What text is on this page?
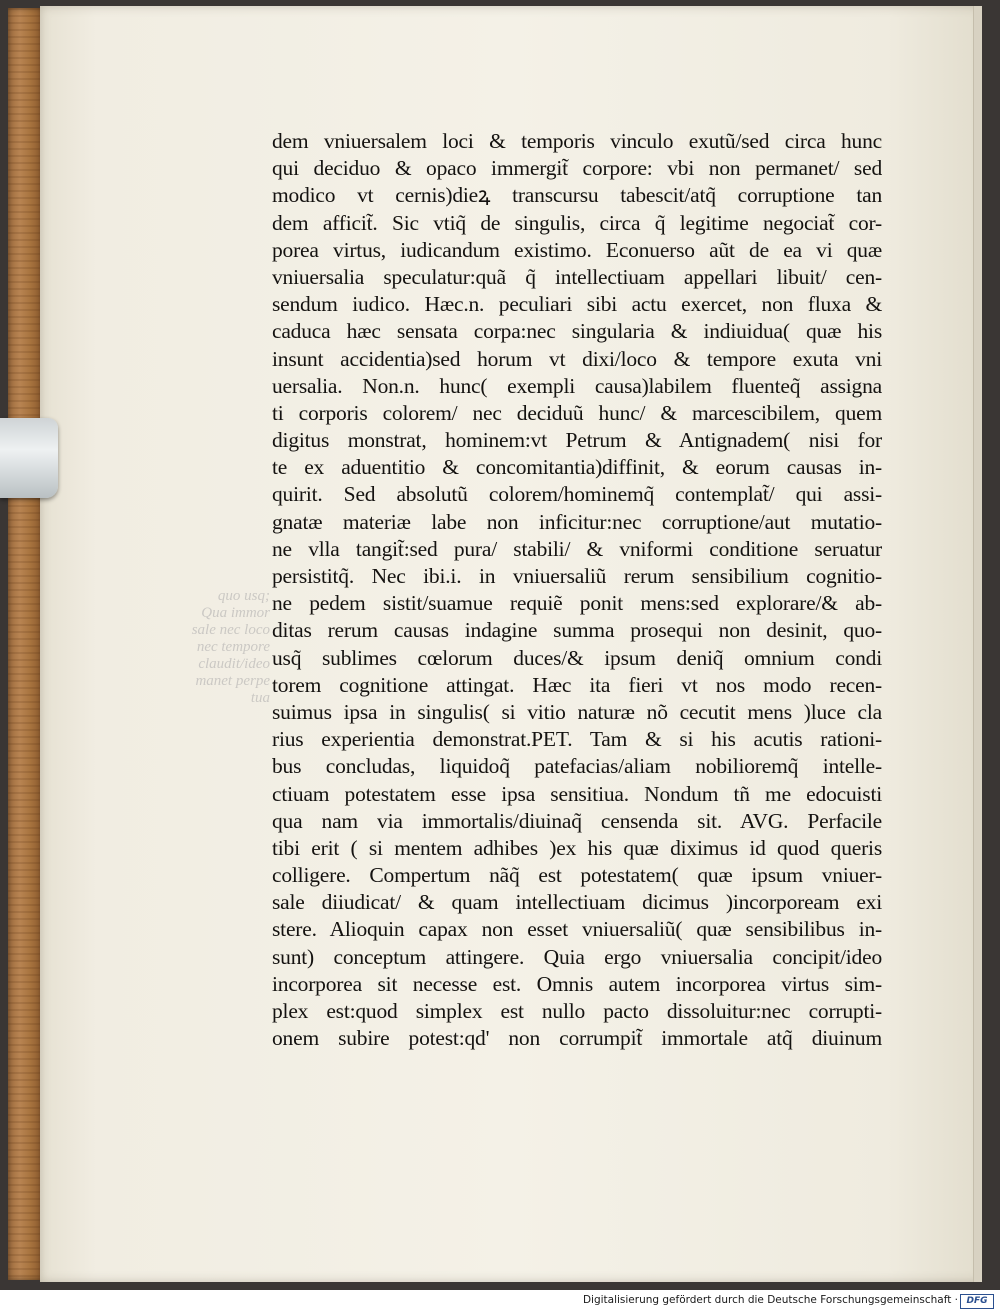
quo usq;
Qua immor
sale nec loco
nec tempore
claudit/ideo
manet perpe
tua
dem vniuersalem loci & temporis vinculo exutũ/sed circa hunc
qui deciduo & opaco immergit̃ corpore: vbi non permanet/ sed
modico vt cernis)dieꝝ transcursu tabescit/atq̃ corruptione tan
dem afficit̃. Sic vtiq̃ de singulis, circa q̃ legitime negociat̃ cor-
porea virtus, iudicandum existimo. Econuerso aũt de ea vi quæ
vniuersalia speculatur:quã q̃ intellectiuam appellari libuit/ cen-
sendum iudico. Hæc.n. peculiari sibi actu exercet, non fluxa &
caduca hæc sensata corpa:nec singularia & indiuidua( quæ his
insunt accidentia)sed horum vt dixi/loco & tempore exuta vni
uersalia. Non.n. hunc( exempli causa)labilem fluenteq̃ assigna
ti corporis colorem/ nec deciduũ hunc/ & marcescibilem, quem
digitus monstrat, hominem:vt Petrum & Antignadem( nisi for
te ex aduentitio & concomitantia)diffinit, & eorum causas in-
quirit. Sed absolutũ colorem/hominemq̃ contemplat̃/ qui assi-
gnatæ materiæ labe non inficitur:nec corruptione/aut mutatio-
ne vlla tangit̃:sed pura/ stabili/ & vniformi conditione seruatur
persistitq̃. Nec ibi.i. in vniuersaliũ rerum sensibilium cognitio-
ne pedem sistit/suamue requiẽ ponit mens:sed explorare/& ab-
ditas rerum causas indagine summa prosequi non desinit, quo-
usq̃ sublimes cœlorum duces/& ipsum deniq̃ omnium condi
torem cognitione attingat. Hæc ita fieri vt nos modo recen-
suimus ipsa in singulis( si vitio naturæ nõ cecutit mens )luce cla
rius experientia demonstrat.PET. Tam & si his acutis rationi-
bus concludas, liquidoq̃ patefacias/aliam nobilioremq̃ intelle-
ctiuam potestatem esse ipsa sensitiua. Nondum tñ me edocuisti
qua nam via immortalis/diuinaq̃ censenda sit. AVG. Perfacile
tibi erit ( si mentem adhibes )ex his quæ diximus id quod queris
colligere. Compertum nãq̃ est potestatem( quæ ipsum vniuer-
sale diiudicat/ & quam intellectiuam dicimus )incorpoream exi
stere. Alioquin capax non esset vniuersaliũ( quæ sensibilibus in-
sunt) conceptum attingere. Quia ergo vniuersalia concipit/ideo
incorporea sit necesse est. Omnis autem incorporea virtus sim-
plex est:quod simplex est nullo pacto dissoluitur:nec corrupti-
onem subire potest:qd' non corrumpit̃ immortale atq̃ diuinum
Digitalisierung gefördert durch die Deutsche Forschungsgemeinschaft · DFG
